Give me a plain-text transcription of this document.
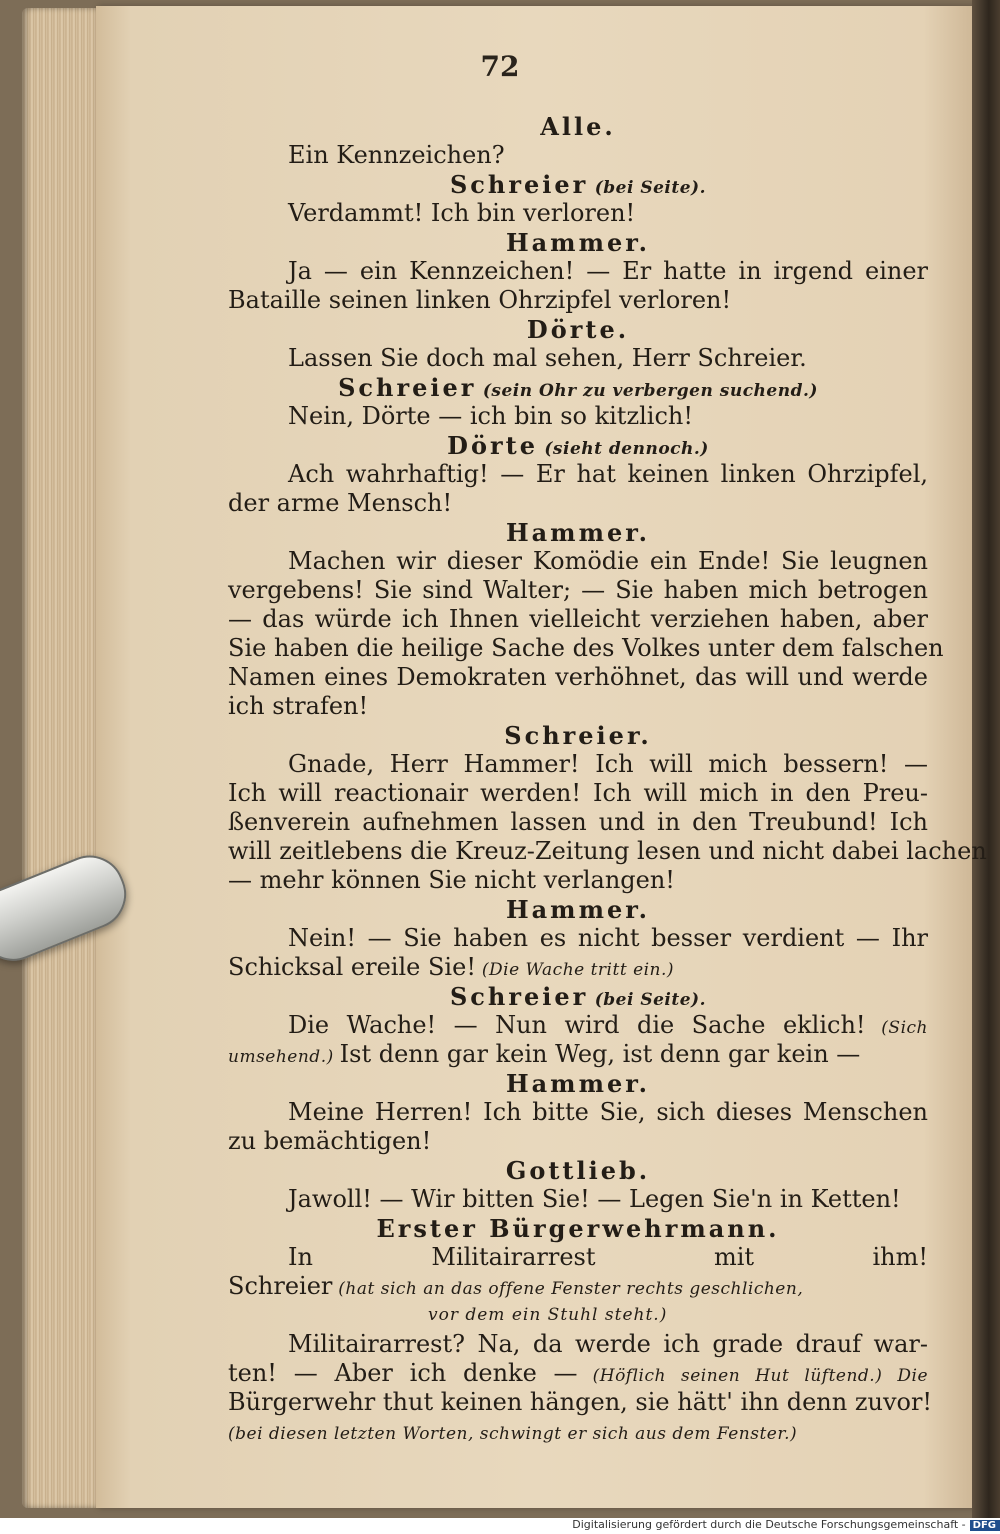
72
Alle.
Ein Kennzeichen?
Schreier (bei Seite).
Verdammt! Ich bin verloren!
Hammer.
Ja — ein Kennzeichen! — Er hatte in irgend einer
Bataille seinen linken Ohrzipfel verloren!
Dörte.
Lassen Sie doch mal sehen, Herr Schreier.
Schreier (sein Ohr zu verbergen suchend.)
Nein, Dörte — ich bin so kitzlich!
Dörte (sieht dennoch.)
Ach wahrhaftig! — Er hat keinen linken Ohrzipfel,
der arme Mensch!
Hammer.
Machen wir dieser Komödie ein Ende! Sie leugnen
vergebens! Sie sind Walter; — Sie haben mich betrogen
— das würde ich Ihnen vielleicht verziehen haben, aber
Sie haben die heilige Sache des Volkes unter dem falschen
Namen eines Demokraten verhöhnet, das will und werde
ich strafen!
Schreier.
Gnade, Herr Hammer! Ich will mich bessern! —
Ich will reactionair werden! Ich will mich in den Preu-
ßenverein aufnehmen lassen und in den Treubund! Ich
will zeitlebens die Kreuz-Zeitung lesen und nicht dabei lachen
— mehr können Sie nicht verlangen!
Hammer.
Nein! — Sie haben es nicht besser verdient — Ihr
Schicksal ereile Sie! (Die Wache tritt ein.)
Schreier (bei Seite).
Die Wache! — Nun wird die Sache eklich! (Sich
umsehend.) Ist denn gar kein Weg, ist denn gar kein —
Hammer.
Meine Herren! Ich bitte Sie, sich dieses Menschen
zu bemächtigen!
Gottlieb.
Jawoll! — Wir bitten Sie! — Legen Sie'n in Ketten!
Erster Bürgerwehrmann.
In Militairarrest mit ihm!
Schreier (hat sich an das offene Fenster rechts geschlichen,
vor dem ein Stuhl steht.)
Militairarrest? Na, da werde ich grade drauf war-
ten! — Aber ich denke — (Höflich seinen Hut lüftend.) Die
Bürgerwehr thut keinen hängen, sie hätt' ihn denn zuvor!
(bei diesen letzten Worten, schwingt er sich aus dem Fenster.)
Digitalisierung gefördert durch die Deutsche Forschungsgemeinschaft - DFG
